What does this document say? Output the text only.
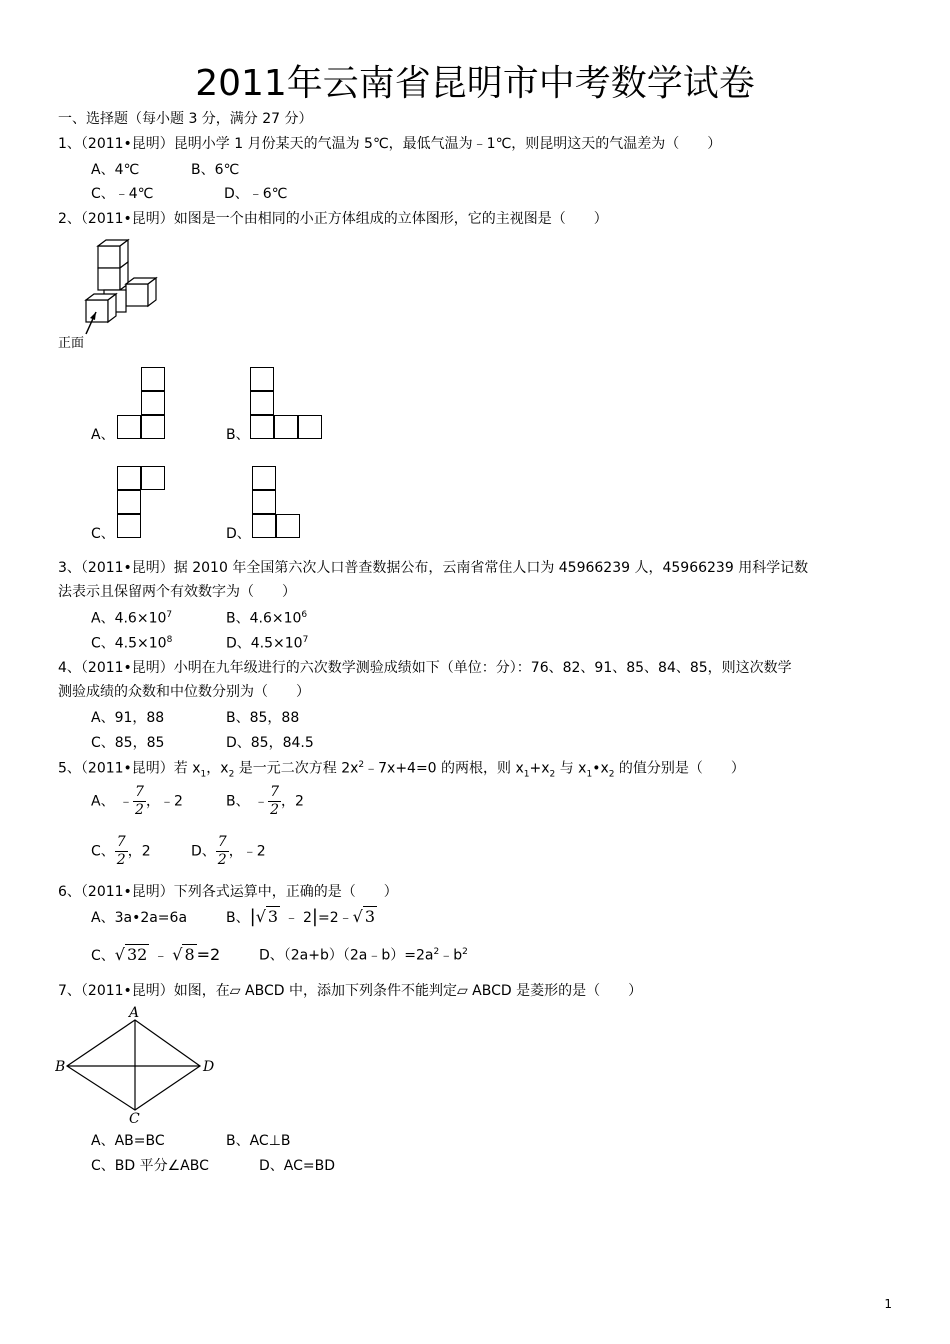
2011年云南省昆明市中考数学试卷
一、选择题（每小题 3 分，满分 27 分）
1、（2011•昆明）昆明小学 1 月份某天的气温为 5℃，最低气温为﹣1℃，则昆明这天的气温差为（　　）
A、4℃	B、6℃
C、﹣4℃	D、﹣6℃
2、（2011•昆明）如图是一个由相同的小正方体组成的立体图形，它的主视图是（　　）
正面
A、	B、
C、	D、
3、（2011•昆明）据 2010 年全国第六次人口普查数据公布，云南省常住人口为 45966239 人，45966239 用科学记数
法表示且保留两个有效数字为（　　）
A、$4.6\times 10^7$	B、$4.6\times 10^6$
C、$4.5\times 10^8$	D、$4.5\times 10^7$
4、（2011•昆明）小明在九年级进行的六次数学测验成绩如下（单位：分）：76、82、91、85、84、85，则这次数学
测验成绩的众数和中位数分别为（　　）
A、91，88	B、85，88
C、85，85	D、85，84.5
5、（2011•昆明）若 $x_1$，$x_2$ 是一元二次方程 $2x^2﹣7x+4=0$ 的两根，则 $x_1+x_2$ 与 $x_1•x_2$ 的值分别是（　　）
A、 ﹣ $\frac{7}{2}$ ，﹣2	B、 ﹣ $\frac{7}{2}$ ，2
C、 $\frac{7}{2}$ ，2	D、 $\frac{7}{2}$ ，﹣2
6、（2011•昆明）下列各式运算中，正确的是（　　）
A、3a•2a=6a	B、|√ 3 ﹣ 2|=2﹣√ 3
C、√ 32 ﹣ √ 8 =2	D、$(2a+b)(2a﹣b)=2a^2﹣b^2$
7、（2011•昆明）如图，在▱ ABCD 中，添加下列条件不能判定▱ ABCD 是菱形的是（　　）
A
B
C
D
A、AB=BC	B、AC⊥B
C、BD 平分∠ABC	D、AC=BD
1
